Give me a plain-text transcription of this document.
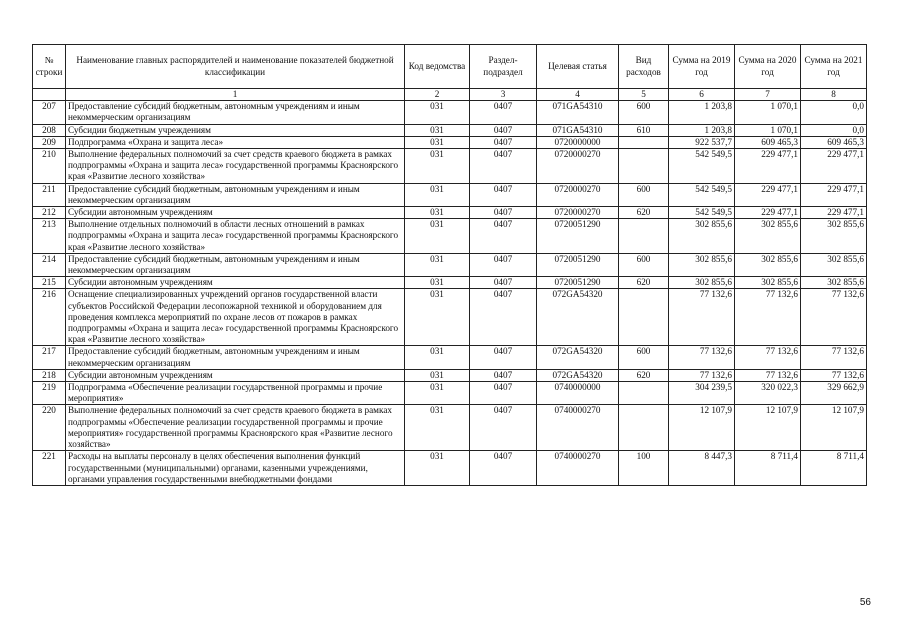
№ строки	Наименование главных распорядителей и наименование показателей бюджетной классификации	Код ведомства	Раздел-подраздел	Целевая статья	Вид расходов	Сумма на 2019 год	Сумма на 2020 год	Сумма на 2021 год
	1	2	3	4	5	6	7	8
207	Предоставление субсидий бюджетным, автономным учреждениям и иным некоммерческим организациям	031	0407	071GA54310	600	1 203,8	1 070,1	0,0
208	Субсидии бюджетным учреждениям	031	0407	071GA54310	610	1 203,8	1 070,1	0,0
209	Подпрограмма «Охрана и защита леса»	031	0407	0720000000		922 537,7	609 465,3	609 465,3
210	Выполнение федеральных полномочий за счет средств краевого бюджета в рамках подпрограммы «Охрана и защита леса» государственной программы Красноярского края «Развитие лесного хозяйства»	031	0407	0720000270		542 549,5	229 477,1	229 477,1
211	Предоставление субсидий бюджетным, автономным учреждениям и иным некоммерческим организациям	031	0407	0720000270	600	542 549,5	229 477,1	229 477,1
212	Субсидии автономным учреждениям	031	0407	0720000270	620	542 549,5	229 477,1	229 477,1
213	Выполнение отдельных полномочий в области лесных отношений в рамках подпрограммы «Охрана и защита леса» государственной программы Красноярского края «Развитие лесного хозяйства»	031	0407	0720051290		302 855,6	302 855,6	302 855,6
214	Предоставление субсидий бюджетным, автономным учреждениям и иным некоммерческим организациям	031	0407	0720051290	600	302 855,6	302 855,6	302 855,6
215	Субсидии автономным учреждениям	031	0407	0720051290	620	302 855,6	302 855,6	302 855,6
216	Оснащение специализированных учреждений органов государственной власти субъектов Российской Федерации лесопожарной техникой и оборудованием для проведения комплекса мероприятий по охране лесов от пожаров в рамках подпрограммы «Охрана и защита леса» государственной программы Красноярского края «Развитие лесного хозяйства»	031	0407	072GA54320		77 132,6	77 132,6	77 132,6
217	Предоставление субсидий бюджетным, автономным учреждениям и иным некоммерческим организациям	031	0407	072GA54320	600	77 132,6	77 132,6	77 132,6
218	Субсидии автономным учреждениям	031	0407	072GA54320	620	77 132,6	77 132,6	77 132,6
219	Подпрограмма «Обеспечение реализации государственной программы и прочие мероприятия»	031	0407	0740000000		304 239,5	320 022,3	329 662,9
220	Выполнение федеральных полномочий за счет средств краевого бюджета в рамках подпрограммы «Обеспечение реализации государственной программы и прочие мероприятия» государственной программы Красноярского края «Развитие лесного хозяйства»	031	0407	0740000270		12 107,9	12 107,9	12 107,9
221	Расходы на выплаты персоналу в целях обеспечения выполнения функций государственными (муниципальными) органами, казенными учреждениями, органами управления государственными внебюджетными фондами	031	0407	0740000270	100	8 447,3	8 711,4	8 711,4
56
